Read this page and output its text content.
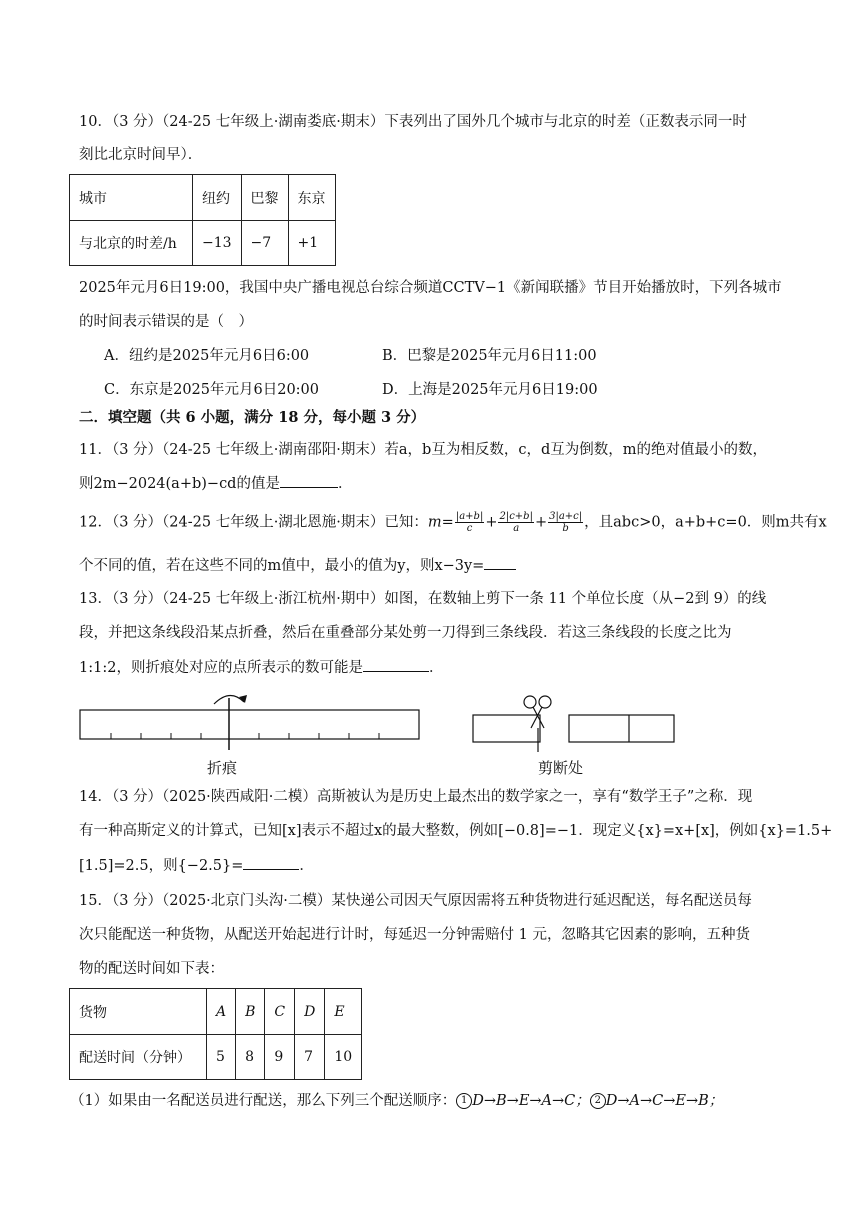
10．（3 分）（24-25 七年级上·湖南娄底·期末）下表列出了国外几个城市与北京的时差（正数表示同一时
刻比北京时间早）．
城市	纽约	巴黎	东京
与北京的时差/h	−13	−7	+1
2025年元月6日19:00，我国中央广播电视总台综合频道CCTV−1《新闻联播》节目开始播放时，下列各城市
的时间表示错误的是（　）
A．纽约是2025年元月6日6:00	B．巴黎是2025年元月6日11:00
C．东京是2025年元月6日20:00	D．上海是2025年元月6日19:00
二．填空题（共 6 小题，满分 18 分，每小题 3 分）
11．（3 分）（24-25 七年级上·湖南邵阳·期末）若a，b互为相反数，c，d互为倒数，m的绝对值最小的数，
则2m−2024(a+b)−cd的值是	．
12．（3 分）（24-25 七年级上·湖北恩施·期末）已知：$m= \frac{|a+b|}{c} + \frac{2|c+b|}{a} + \frac{3|a+c|}{b}$ ，且abc>0，a+b+c=0．则m共有x
个不同的值，若在这些不同的m值中，最小的值为y，则x−3y=
13．（3 分）（24-25 七年级上·浙江杭州·期中）如图，在数轴上剪下一条 11 个单位长度（从−2到 9）的线
段，并把这条线段沿某点折叠，然后在重叠部分某处剪一刀得到三条线段．若这三条线段的长度之比为
1:1:2，则折痕处对应的点所表示的数可能是	．
折痕	剪断处
14．（3 分）（2025·陕西咸阳·二模）高斯被认为是历史上最杰出的数学家之一，享有“数学王子”之称．现
有一种高斯定义的计算式，已知[x]表示不超过x的最大整数，例如[−0.8]=−1．现定义{x}=x+[x]，例如{x}=1.5+
[1.5]=2.5，则{−2.5}=	．
15．（3 分）（2025·北京门头沟·二模）某快递公司因天气原因需将五种货物进行延迟配送，每名配送员每
次只能配送一种货物，从配送开始起进行计时，每延迟一分钟需赔付 1 元，忽略其它因素的影响，五种货
物的配送时间如下表：
货物	A	B	C	D	E
配送时间（分钟）	5	8	9	7	10
（1）如果由一名配送员进行配送，那么下列三个配送顺序： 1 D→B→E→A→C； 2 D→A→C→E→B；
